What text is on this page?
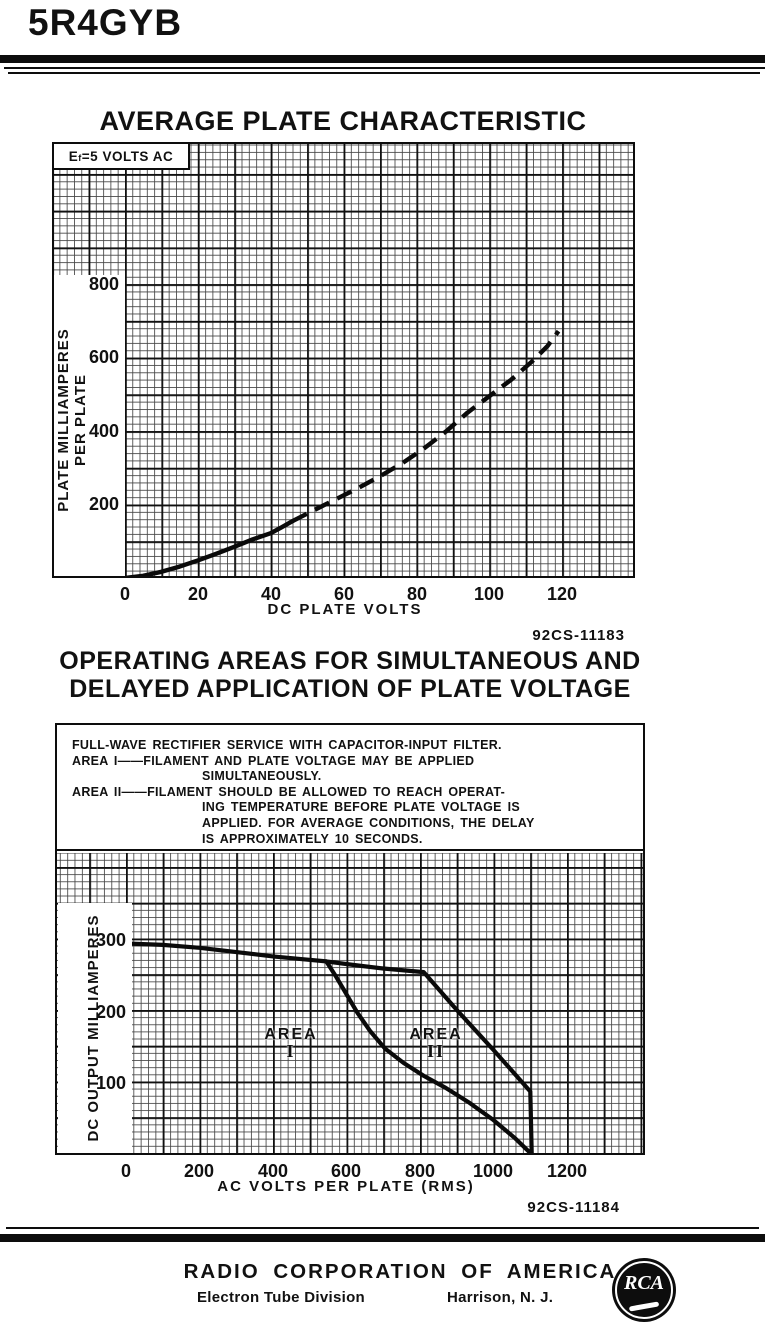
5R4GYB
AVERAGE PLATE CHARACTERISTIC
$E_f =5$ VOLTS AC
PLATE MILLIAMPERES PER PLATE
800
600
400
200
0	20	40	60	80	100	120
DC PLATE VOLTS
92CS-11183
OPERATING AREAS FOR SIMULTANEOUS AND
DELAYED APPLICATION OF PLATE VOLTAGE
FULL-WAVE RECTIFIER SERVICE WITH CAPACITOR-INPUT FILTER.
AREA I——FILAMENT AND PLATE VOLTAGE MAY BE APPLIED
SIMULTANEOUSLY.
AREA II——FILAMENT SHOULD BE ALLOWED TO REACH OPERAT-
ING TEMPERATURE BEFORE PLATE VOLTAGE IS
APPLIED. FOR AVERAGE CONDITIONS, THE DELAY
IS APPROXIMATELY 10 SECONDS.
DC OUTPUT MILLIAMPERES
300
200
100
AREA
I
AREA
II
0	200	400	600	800	1000	1200
AC VOLTS PER PLATE (RMS)
92CS-11184
RADIO CORPORATION OF AMERICA
Electron Tube Division	Harrison, N. J.
RCA
